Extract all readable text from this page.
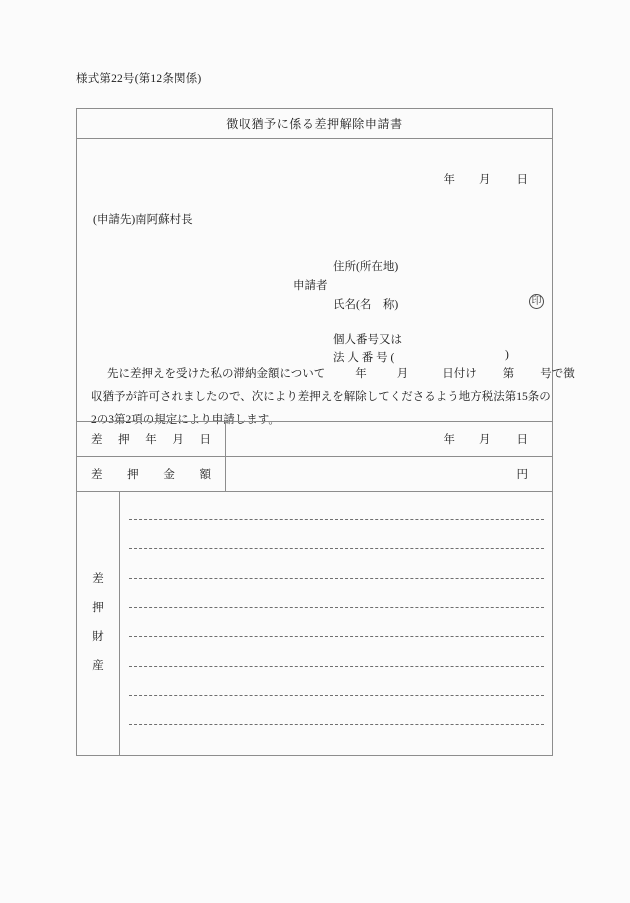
様式第22号(第12条関係)
徴収猶予に係る差押解除申請書
年 月 日
(申請先)南阿蘇村長
住所(所在地)
申請者
氏名(名　称)	印
個人番号又は
法 人 番 号 (	)
先に差押えを受けた私の滞納金額について	年	月	日付け 第 号で徴
収猶予が許可されましたので、次により差押えを解除してくださるよう地方税法第15条の
2の3第2項の規定により申請します。
差 押 年 月 日	年 月 日
差 押 金 額	円
差
押
財
産
